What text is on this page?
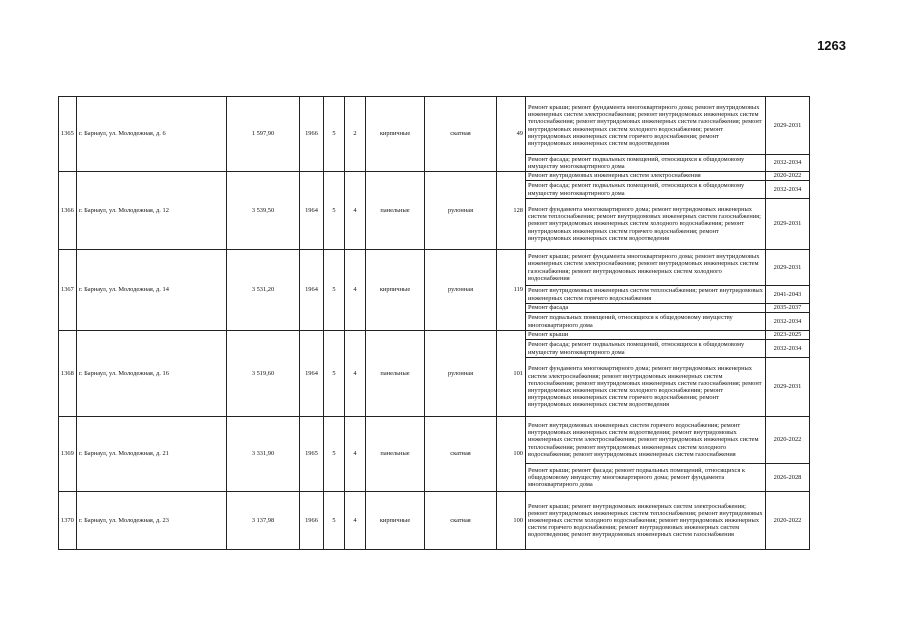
1263
1365	г. Барнаул, ул. Молодежная, д. 6	1 597,90	1966	5	2	кирпичные	скатная	49	Ремонт крыши; ремонт фундамента многоквартирного дома; ремонт внутридомовых инженерных систем электроснабжения; ремонт внутридомовых инженерных систем теплоснабжения; ремонт внутридомовых инженерных систем газоснабжения; ремонт внутридомовых инженерных систем холодного водоснабжения; ремонт внутридомовых инженерных систем горячего водоснабжения; ремонт внутридомовых инженерных систем водоотведения	2029-2031
									Ремонт фасада; ремонт подвальных помещений, относящихся к общедомовому имуществу многоквартирного дома	2032-2034
1366	г. Барнаул, ул. Молодежная, д. 12	3 539,50	1964	5	4	панельные	рулонная	128	Ремонт внутридомовых инженерных систем электроснабжения	2020-2022
									Ремонт фасада; ремонт подвальных помещений, относящихся к общедомовому имуществу многоквартирного дома	2032-2034
									Ремонт фундамента многоквартирного дома; ремонт внутридомовых инженерных систем теплоснабжения; ремонт внутридомовых инженерных систем газоснабжения; ремонт внутридомовых инженерных систем холодного водоснабжения; ремонт внутридомовых инженерных систем горячего водоснабжения; ремонт внутридомовых инженерных систем водоотведения	2029-2031
1367	г. Барнаул, ул. Молодежная, д. 14	3 531,20	1964	5	4	кирпичные	рулонная	119	Ремонт крыши; ремонт фундамента многоквартирного дома; ремонт внутридомовых инженерных систем электроснабжения; ремонт внутридомовых инженерных систем газоснабжения; ремонт внутридомовых инженерных систем холодного водоснабжения	2029-2031
									Ремонт внутридомовых инженерных систем теплоснабжения; ремонт внутридомовых инженерных систем горячего водоснабжения	2041-2043
									Ремонт фасада	2035-2037
									Ремонт подвальных помещений, относящихся к общедомовому имуществу многоквартирного дома	2032-2034
1368	г. Барнаул, ул. Молодежная, д. 16	3 519,60	1964	5	4	панельные	рулонная	101	Ремонт крыши	2023-2025
									Ремонт фасада; ремонт подвальных помещений, относящихся к общедомовому имуществу многоквартирного дома	2032-2034
									Ремонт фундамента многоквартирного дома; ремонт внутридомовых инженерных систем электроснабжения; ремонт внутридомовых инженерных систем теплоснабжения; ремонт внутридомовых инженерных систем газоснабжения; ремонт внутридомовых инженерных систем холодного водоснабжения; ремонт внутридомовых инженерных систем горячего водоснабжения; ремонт внутридомовых инженерных систем водоотведения	2029-2031
1369	г. Барнаул, ул. Молодежная, д. 21	3 331,90	1965	5	4	панельные	скатная	100	Ремонт внутридомовых инженерных систем горячего водоснабжения; ремонт внутридомовых инженерных систем водоотведения; ремонт внутридомовых инженерных систем электроснабжения; ремонт внутридомовых инженерных систем теплоснабжения; ремонт внутридомовых инженерных систем холодного водоснабжения; ремонт внутридомовых инженерных систем газоснабжения	2020-2022
									Ремонт крыши; ремонт фасада; ремонт подвальных помещений, относящихся к общедомовому имуществу многоквартирного дома; ремонт фундамента многоквартирного дома	2026-2028
1370	г. Барнаул, ул. Молодежная, д. 23	3 137,98	1966	5	4	кирпичные	скатная	100	Ремонт крыши; ремонт внутридомовых инженерных систем электроснабжения; ремонт внутридомовых инженерных систем теплоснабжения; ремонт внутридомовых инженерных систем холодного водоснабжения; ремонт внутридомовых инженерных систем горячего водоснабжения; ремонт внутридомовых инженерных систем водоотведения; ремонт внутридомовых инженерных систем газоснабжения	2020-2022
